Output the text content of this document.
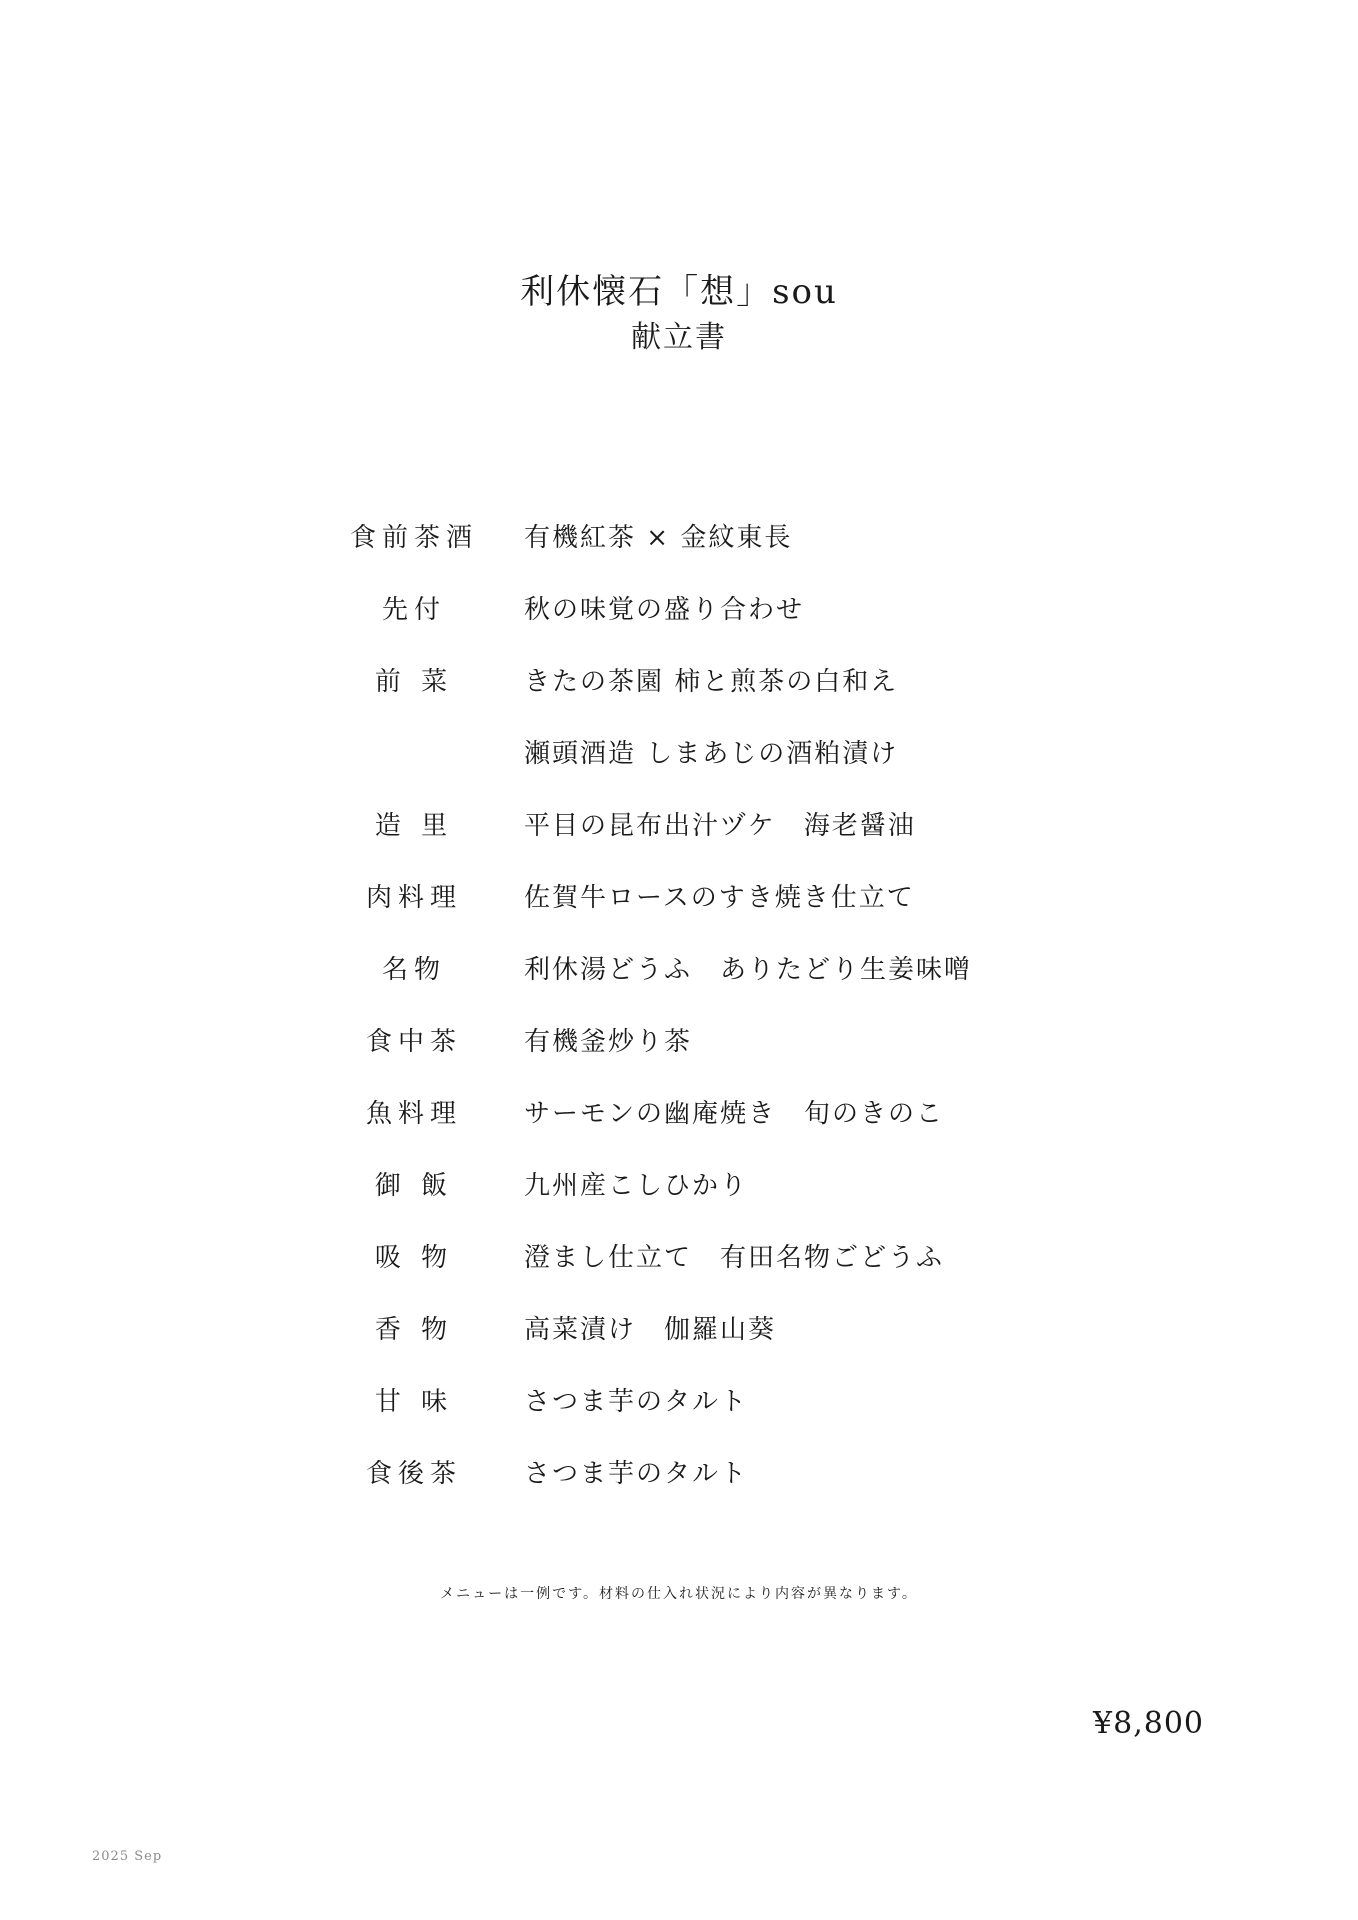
利休懐石「想」sou
献立書
食前茶酒 有機紅茶 × 金紋東長
先付	秋の味覚の盛り合わせ
前 菜	きたの茶園 柿と煎茶の白和え
瀬頭酒造 しまあじの酒粕漬け
造 里	平目の昆布出汁ヅケ　海老醤油
肉料理	佐賀牛ロースのすき焼き仕立て
名物	利休湯どうふ　ありたどり生姜味噌
食中茶	有機釜炒り茶
魚料理	サーモンの幽庵焼き　旬のきのこ
御 飯	九州産こしひかり
吸 物	澄まし仕立て　有田名物ごどうふ
香 物	高菜漬け　伽羅山葵
甘 味	さつま芋のタルト
食後茶	さつま芋のタルト
メニューは一例です。材料の仕入れ状況により内容が異なります。
¥8,800
2025 Sep
